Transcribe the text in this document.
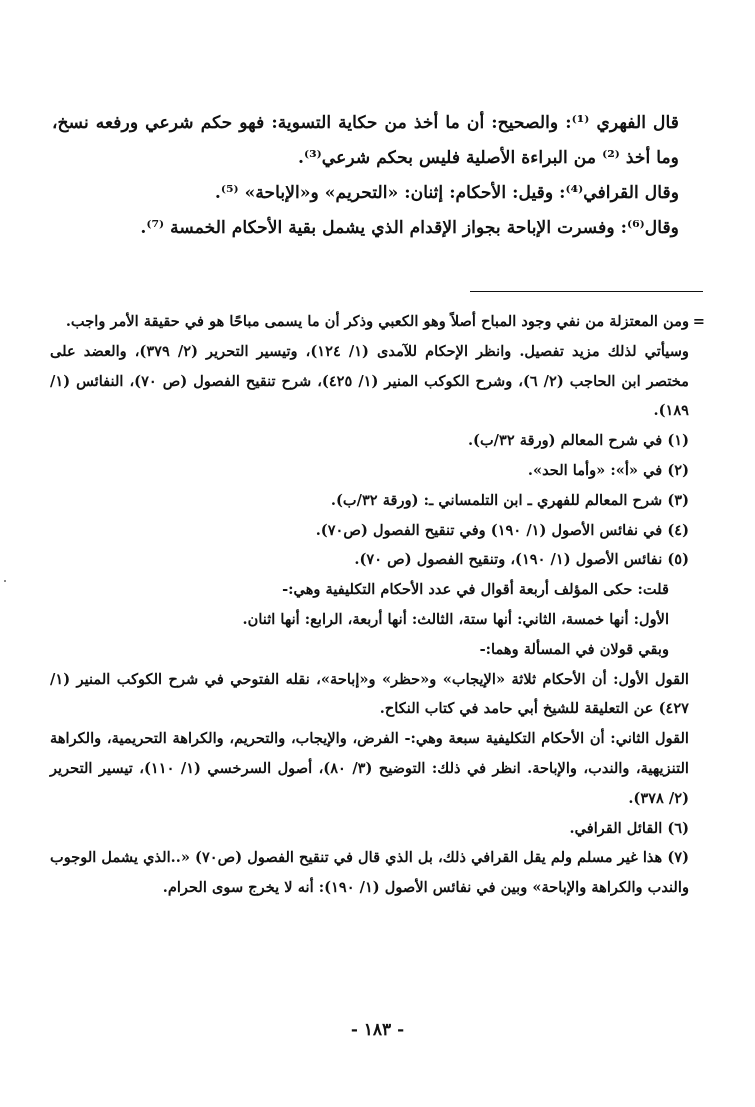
قال الفهري ⁽¹⁾: والصحيح: أن ما أخذ من حكاية التسوية: فهو حكم شرعي ورفعه نسخ، وما أخذ ⁽²⁾ من البراءة الأصلية فليس بحكم شرعي⁽³⁾.

وقال القرافي⁽⁴⁾: وقيل: الأحكام: إثنان: «التحريم» و«الإباحة» ⁽⁵⁾.

وقال⁽⁶⁾: وفسرت الإباحة بجواز الإقدام الذي يشمل بقية الأحكام الخمسة ⁽⁷⁾.

=
ومن المعتزلة من نفي وجود المباح أصلاً وهو الكعبي وذكر أن ما يسمى مباحًا هو في حقيقة الأمر واجب.

وسيأتي لذلك مزيد تفصيل. وانظر الإحكام للآمدى (١/ ١٢٤)، وتيسير التحرير (٢/ ٣٧٩)، والعضد على مختصر ابن الحاجب (٢/ ٦)، وشرح الكوكب المنير (١/ ٤٢٥)، شرح تنقيح الفصول (ص ٧٠)، النفائس (١/ ١٨٩).

(١) في شرح المعالم (ورقة ٣٢/ب).

(٢) في «أ»: «وأما الحد».

(٣) شرح المعالم للفهري ـ ابن التلمساني ـ: (ورقة ٣٢/ب).

(٤) في نفائس الأصول (١/ ١٩٠) وفي تنقيح الفصول (ص٧٠).

(٥) نفائس الأصول (١/ ١٩٠)، وتنقيح الفصول (ص ٧٠).

قلت: حكى المؤلف أربعة أقوال في عدد الأحكام التكليفية وهي:-

الأول: أنها خمسة، الثاني: أنها ستة، الثالث: أنها أربعة، الرابع: أنها اثنان.

وبقي قولان في المسألة وهما:-

القول الأول: أن الأحكام ثلاثة «الإيجاب» و«حظر» و«إباحة»، نقله الفتوحي في شرح الكوكب المنير (١/ ٤٢٧) عن التعليقة للشيخ أبي حامد في كتاب النكاح.

القول الثاني: أن الأحكام التكليفية سبعة وهي:- الفرض، والإيجاب، والتحريم، والكراهة التحريمية، والكراهة التنزيهية، والندب، والإباحة. انظر في ذلك: التوضيح (٣/ ٨٠)، أصول السرخسي (١/ ١١٠)، تيسير التحرير (٢/ ٣٧٨).

(٦) القائل القرافي.

(٧) هذا غير مسلم ولم يقل القرافي ذلك، بل الذي قال في تنقيح الفصول (ص٧٠) «..الذي يشمل الوجوب والندب والكراهة والإباحة» وبين في نفائس الأصول (١/ ١٩٠): أنه لا يخرج سوى الحرام.

- ١٨٣ -
